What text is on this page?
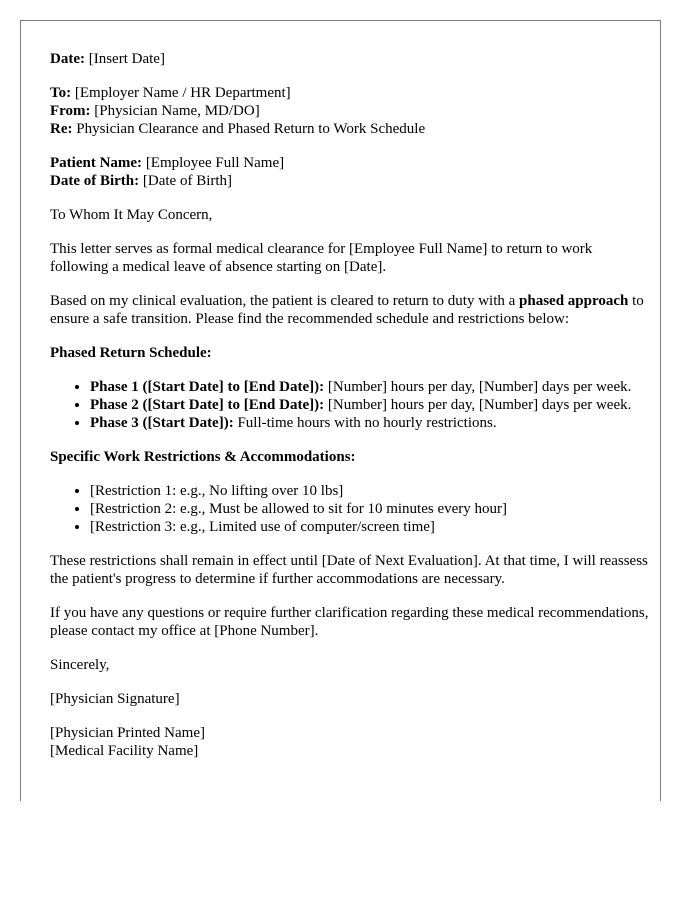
Date: [Insert Date]
To: [Employer Name / HR Department]
From: [Physician Name, MD/DO]
Re: Physician Clearance and Phased Return to Work Schedule
Patient Name: [Employee Full Name]
Date of Birth: [Date of Birth]

To Whom It May Concern,

This letter serves as formal medical clearance for [Employee Full Name] to return to work following a medical leave of absence starting on [Date].

Based on my clinical evaluation, the patient is cleared to return to duty with a phased approach to ensure a safe transition. Please find the recommended schedule and restrictions below:

Phased Return Schedule:
• Phase 1 ([Start Date] to [End Date]): [Number] hours per day, [Number] days per week.
• Phase 2 ([Start Date] to [End Date]): [Number] hours per day, [Number] days per week.
• Phase 3 ([Start Date]): Full-time hours with no hourly restrictions.
Specific Work Restrictions & Accommodations:
• [Restriction 1: e.g., No lifting over 10 lbs]
• [Restriction 2: e.g., Must be allowed to sit for 10 minutes every hour]
• [Restriction 3: e.g., Limited use of computer/screen time]

These restrictions shall remain in effect until [Date of Next Evaluation]. At that time, I will reassess the patient's progress to determine if further accommodations are necessary.

If you have any questions or require further clarification regarding these medical recommendations, please contact my office at [Phone Number].

Sincerely,

[Physician Signature]

[Physician Printed Name]
[Medical Facility Name]
